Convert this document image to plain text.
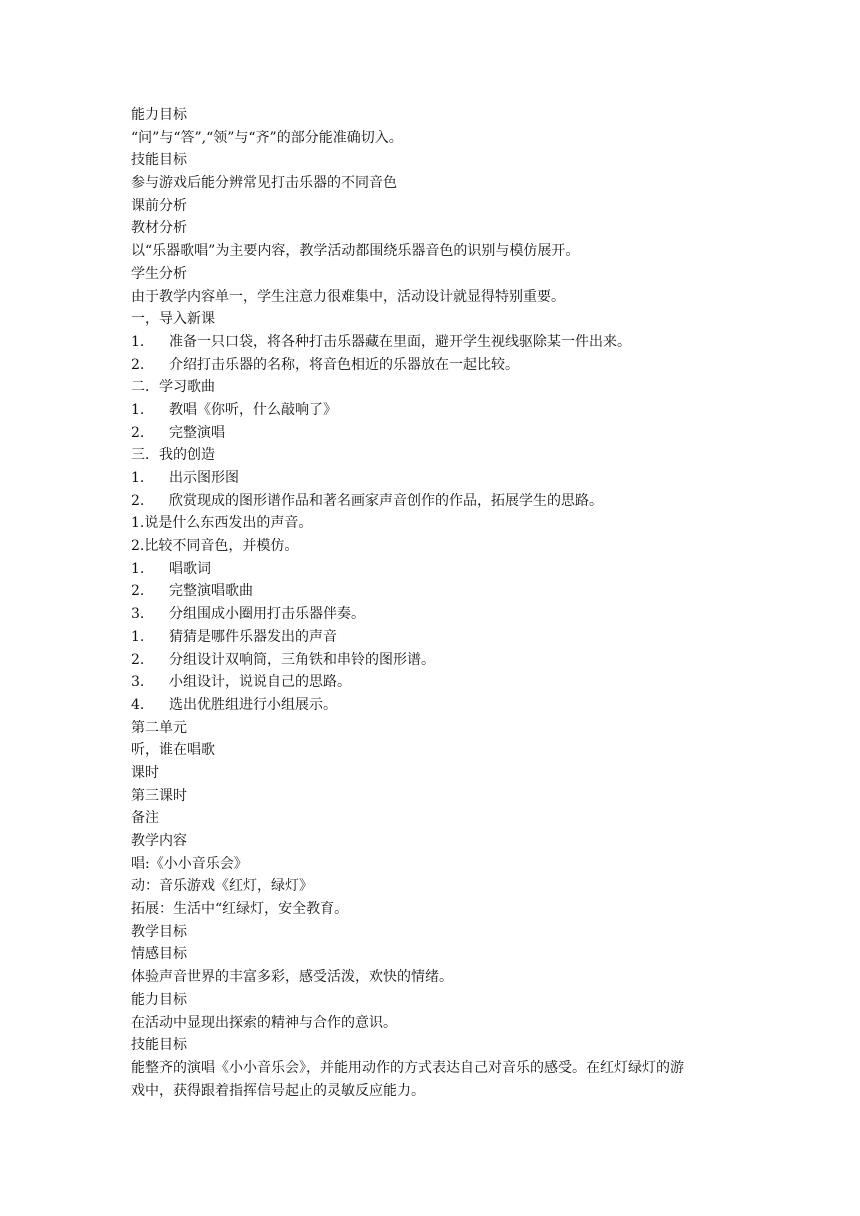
能力目标
“问”与“答”,“领”与“齐”的部分能准确切入。
技能目标
参与游戏后能分辨常见打击乐器的不同音色
课前分析
教材分析
以“乐器歌唱”为主要内容，教学活动都围绕乐器音色的识别与模仿展开。
学生分析
由于教学内容单一，学生注意力很难集中，活动设计就显得特别重要。
一，导入新课
1. 准备一只口袋，将各种打击乐器藏在里面，避开学生视线驱除某一件出来。
2. 介绍打击乐器的名称，将音色相近的乐器放在一起比较。
二．学习歌曲
1. 教唱《你听，什么敲响了》
2. 完整演唱
三．我的创造
1. 出示图形图
2. 欣赏现成的图形谱作品和著名画家声音创作的作品，拓展学生的思路。
1.说是什么东西发出的声音。
2.比较不同音色，并模仿。
1. 唱歌词
2. 完整演唱歌曲
3. 分组围成小圈用打击乐器伴奏。
1. 猜猜是哪件乐器发出的声音
2. 分组设计双响筒，三角铁和串铃的图形谱。
3. 小组设计，说说自己的思路。
4. 选出优胜组进行小组展示。
第二单元
听，谁在唱歌
课时
第三课时
备注
教学内容
唱:《小小音乐会》
动：音乐游戏《红灯，绿灯》
拓展：生活中“红绿灯，安全教育。
教学目标
情感目标
体验声音世界的丰富多彩，感受活泼，欢快的情绪。
能力目标
在活动中显现出探索的精神与合作的意识。
技能目标
能整齐的演唱《小小音乐会》，并能用动作的方式表达自己对音乐的感受。在红灯绿灯的游
戏中，获得跟着指挥信号起止的灵敏反应能力。
